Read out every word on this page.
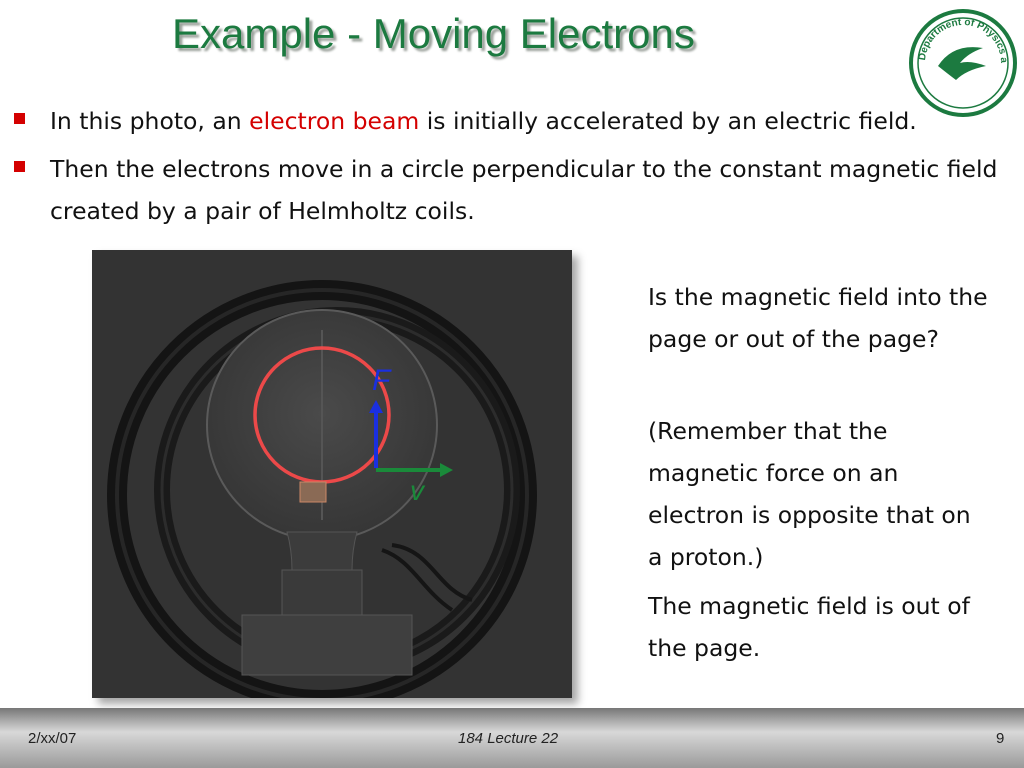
Example - Moving Electrons	Department of Physics a
In this photo, an electron beam is initially accelerated by an electric field.
Then the electrons move in a circle perpendicular to the constant magnetic field created by a pair of Helmholtz coils.
F
v
Is the magnetic field into the page or out of the page?
(Remember that the magnetic force on an electron is opposite that on a proton.)
The magnetic field is out of the page.
2/xx/07	184 Lecture 22	9
